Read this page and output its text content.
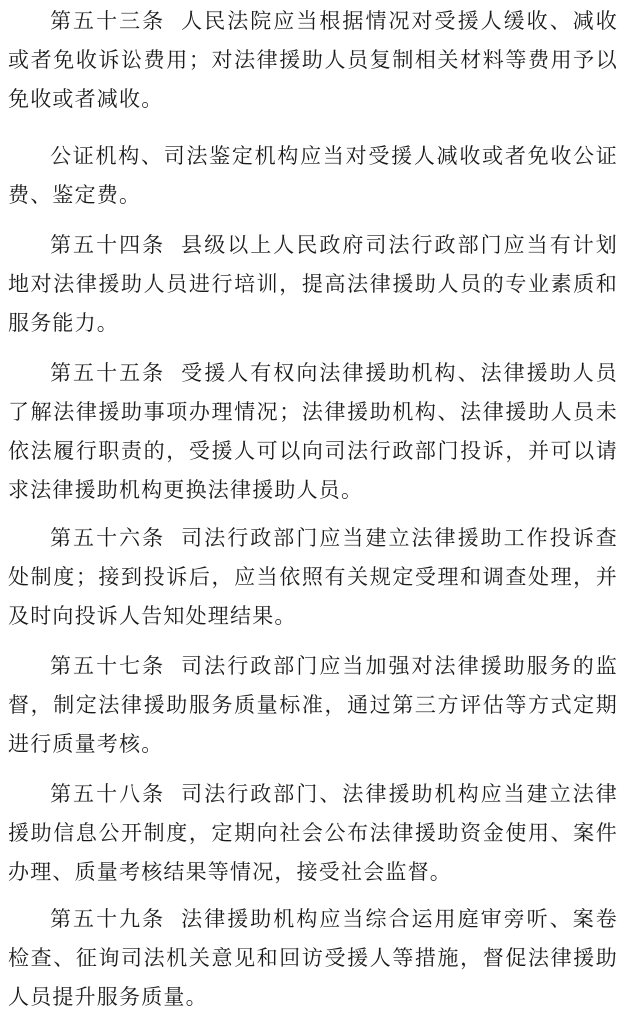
第五十三条 人民法院应当根据情况对受援人缓收、减收或者免收诉讼费用；对法律援助人员复制相关材料等费用予以免收或者减收。

公证机构、司法鉴定机构应当对受援人减收或者免收公证费、鉴定费。

第五十四条 县级以上人民政府司法行政部门应当有计划地对法律援助人员进行培训，提高法律援助人员的专业素质和服务能力。

第五十五条 受援人有权向法律援助机构、法律援助人员了解法律援助事项办理情况；法律援助机构、法律援助人员未依法履行职责的，受援人可以向司法行政部门投诉，并可以请求法律援助机构更换法律援助人员。

第五十六条 司法行政部门应当建立法律援助工作投诉查处制度；接到投诉后，应当依照有关规定受理和调查处理，并及时向投诉人告知处理结果。

第五十七条 司法行政部门应当加强对法律援助服务的监督，制定法律援助服务质量标准，通过第三方评估等方式定期进行质量考核。

第五十八条 司法行政部门、法律援助机构应当建立法律援助信息公开制度，定期向社会公布法律援助资金使用、案件办理、质量考核结果等情况，接受社会监督。

第五十九条 法律援助机构应当综合运用庭审旁听、案卷检查、征询司法机关意见和回访受援人等措施，督促法律援助人员提升服务质量。
